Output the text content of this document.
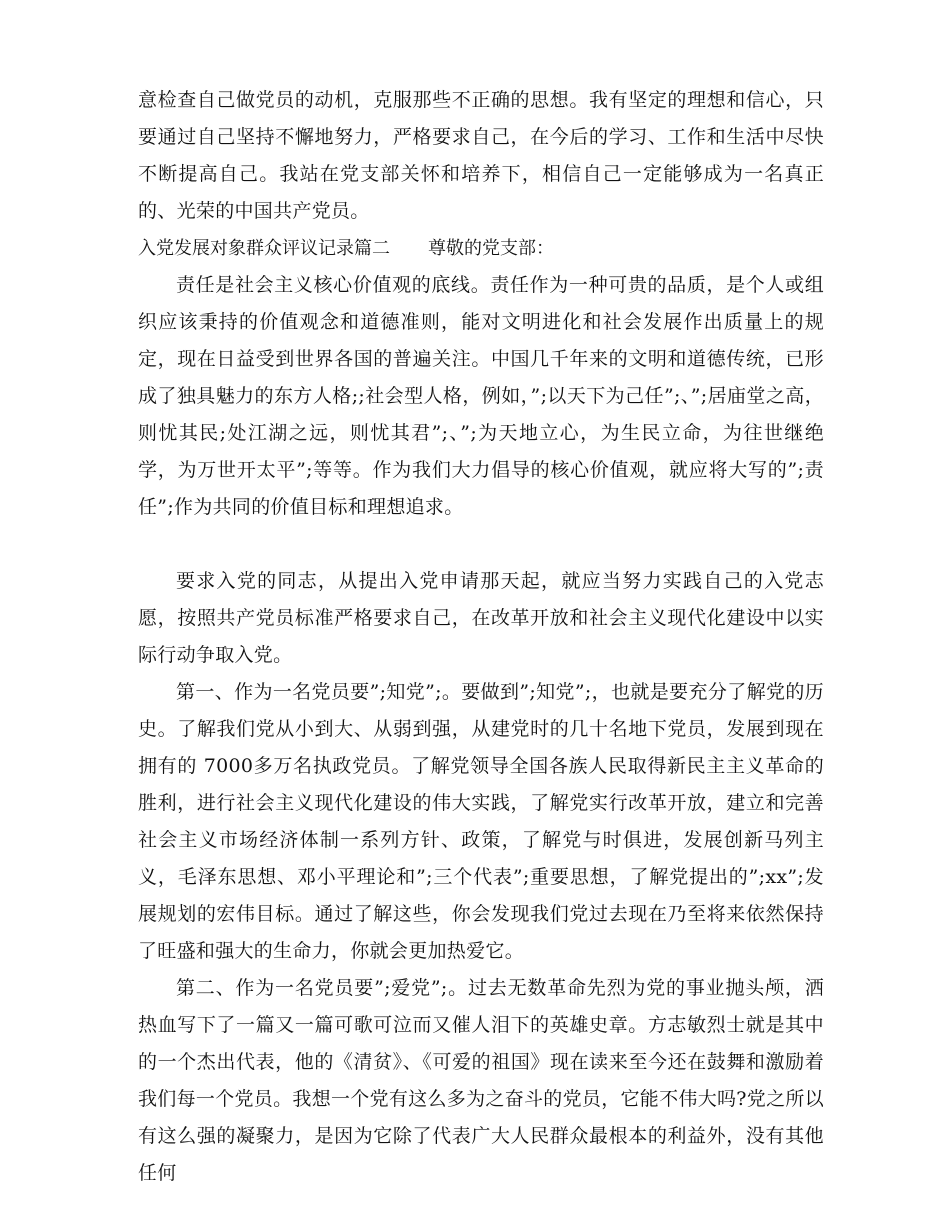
意检查自己做党员的动机，克服那些不正确的思想。我有坚定的理想和信心，只要通过自己坚持不懈地努力，严格要求自己，在今后的学习、工作和生活中尽快不断提高自己。我站在党支部关怀和培养下，相信自己一定能够成为一名真正的、光荣的中国共产党员。

入党发展对象群众评议记录篇二 尊敬的党支部：

责任是社会主义核心价值观的底线。责任作为一种可贵的品质，是个人或组织应该秉持的价值观念和道德准则，能对文明进化和社会发展作出质量上的规定，现在日益受到世界各国的普遍关注。中国几千年来的文明和道德传统，已形成了独具魅力的东方人格;;社会型人格，例如，”;以天下为己任”;、”;居庙堂之高，则忧其民;处江湖之远，则忧其君”;、”;为天地立心，为生民立命，为往世继绝学，为万世开太平”;等等。作为我们大力倡导的核心价值观，就应将大写的”;责任”;作为共同的价值目标和理想追求。

要求入党的同志，从提出入党申请那天起，就应当努力实践自己的入党志愿，按照共产党员标准严格要求自己，在改革开放和社会主义现代化建设中以实际行动争取入党。

第一、作为一名党员要”;知党”;。要做到”;知党”;，也就是要充分了解党的历史。了解我们党从小到大、从弱到强，从建党时的几十名地下党员，发展到现在拥有的 7000多万名执政党员。了解党领导全国各族人民取得新民主主义革命的胜利，进行社会主义现代化建设的伟大实践，了解党实行改革开放，建立和完善社会主义市场经济体制一系列方针、政策，了解党与时俱进，发展创新马列主义，毛泽东思想、邓小平理论和”;三个代表”;重要思想，了解党提出的”;xx”;发展规划的宏伟目标。通过了解这些，你会发现我们党过去现在乃至将来依然保持了旺盛和强大的生命力，你就会更加热爱它。

第二、作为一名党员要”;爱党”;。过去无数革命先烈为党的事业抛头颅，洒热血写下了一篇又一篇可歌可泣而又催人泪下的英雄史章。方志敏烈士就是其中的一个杰出代表，他的《清贫》、《可爱的祖国》现在读来至今还在鼓舞和激励着我们每一个党员。我想一个党有这么多为之奋斗的党员，它能不伟大吗?党之所以有这么强的凝聚力，是因为它除了代表广大人民群众最根本的利益外，没有其他任何
